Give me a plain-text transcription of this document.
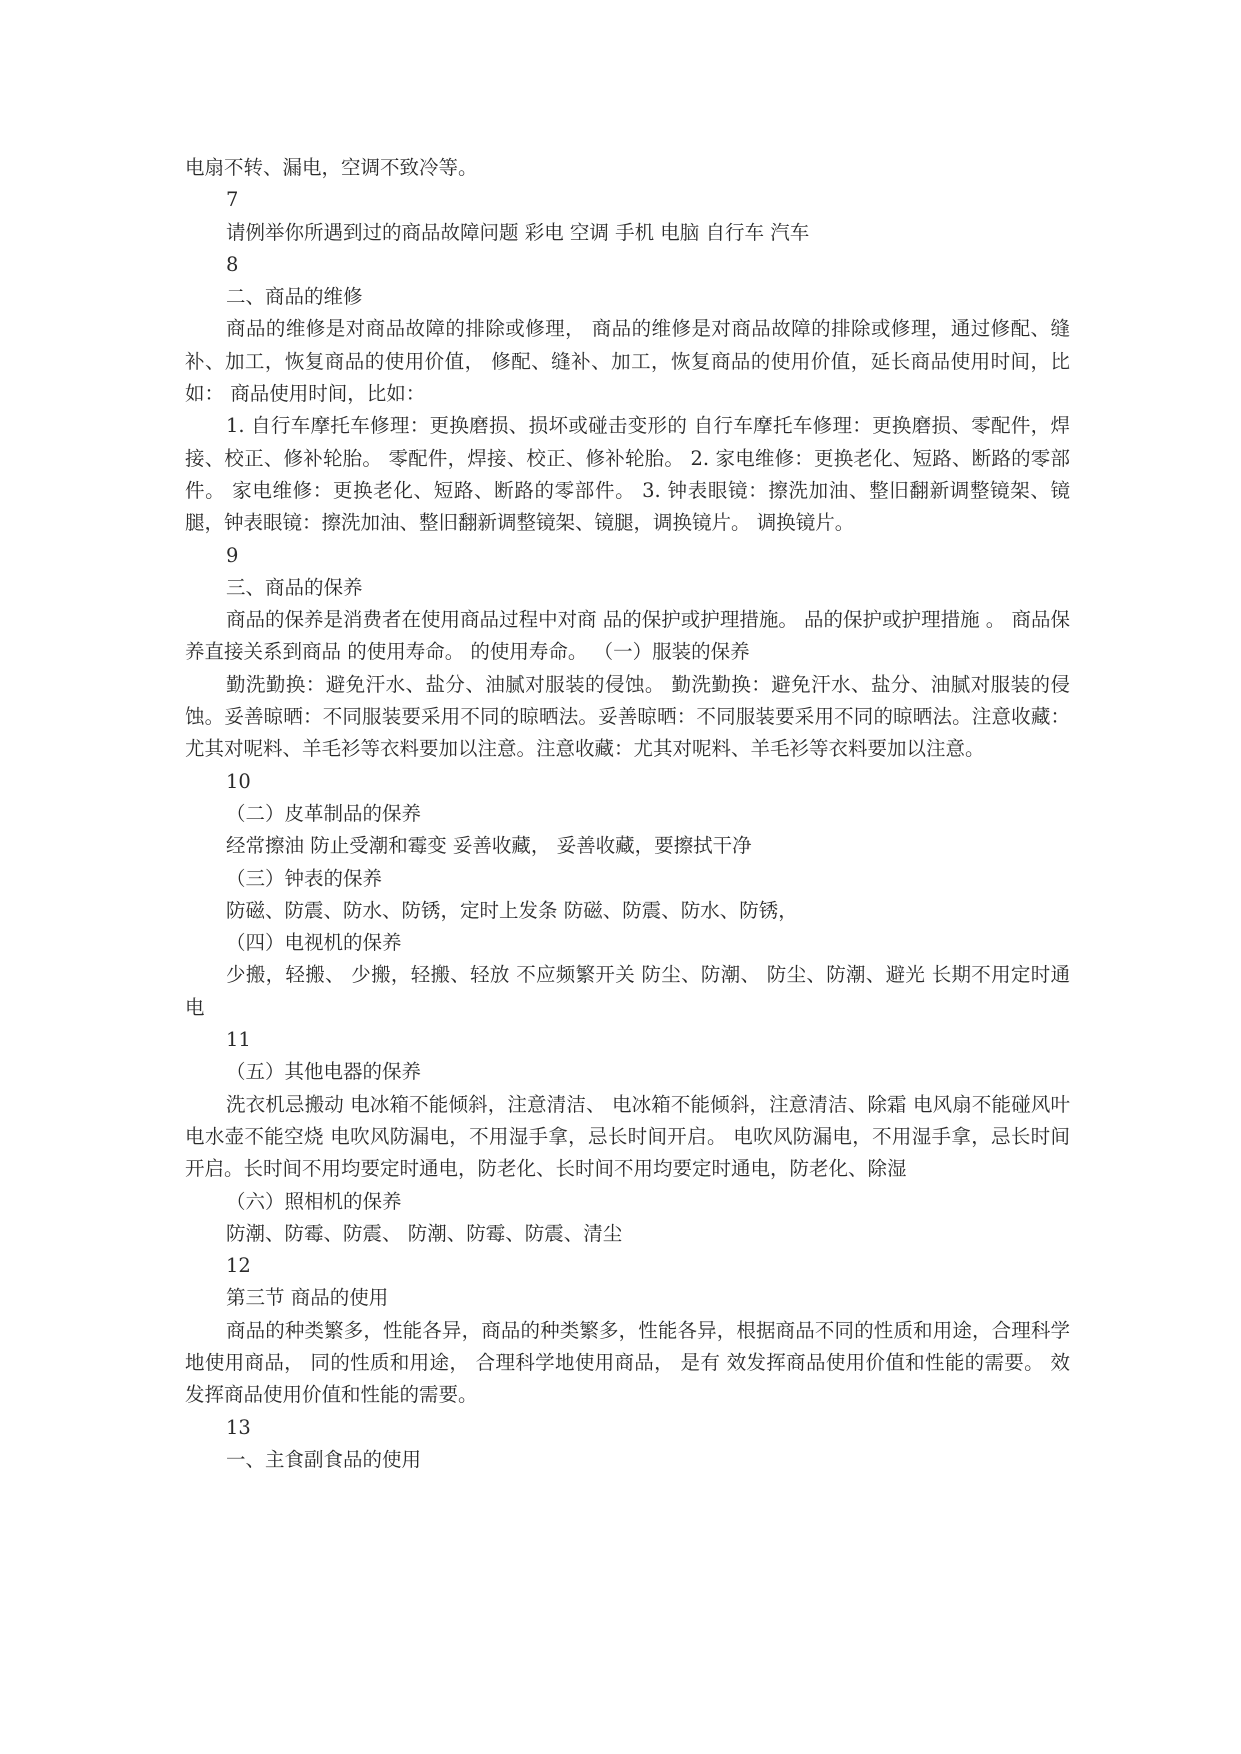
电扇不转、漏电，空调不致冷等。

7

请例举你所遇到过的商品故障问题 彩电 空调 手机 电脑 自行车 汽车

8

二、商品的维修

商品的维修是对商品故障的排除或修理， 商品的维修是对商品故障的排除或修理，通过修配、缝补、加工，恢复商品的使用价值， 修配、缝补、加工，恢复商品的使用价值，延长商品使用时间，比如： 商品使用时间，比如：

1. 自行车摩托车修理：更换磨损、损坏或碰击变形的 自行车摩托车修理：更换磨损、零配件，焊接、校正、修补轮胎。 零配件，焊接、校正、修补轮胎。 2. 家电维修：更换老化、短路、断路的零部件。 家电维修：更换老化、短路、断路的零部件。 3. 钟表眼镜：擦洗加油、整旧翻新调整镜架、镜腿，钟表眼镜：擦洗加油、整旧翻新调整镜架、镜腿，调换镜片。 调换镜片。

9

三、商品的保养

商品的保养是消费者在使用商品过程中对商 品的保护或护理措施。 品的保护或护理措施 。 商品保养直接关系到商品 的使用寿命。 的使用寿命。 （一）服装的保养

勤洗勤换：避免汗水、盐分、油腻对服装的侵蚀。 勤洗勤换：避免汗水、盐分、油腻对服装的侵蚀。妥善晾晒：不同服装要采用不同的晾晒法。妥善晾晒：不同服装要采用不同的晾晒法。注意收藏：尤其对呢料、羊毛衫等衣料要加以注意。注意收藏：尤其对呢料、羊毛衫等衣料要加以注意。

10

（二）皮革制品的保养

经常擦油 防止受潮和霉变 妥善收藏， 妥善收藏，要擦拭干净

（三）钟表的保养

防磁、防震、防水、防锈，定时上发条 防磁、防震、防水、防锈，

（四）电视机的保养

少搬，轻搬、 少搬，轻搬、轻放 不应频繁开关 防尘、防潮、 防尘、防潮、避光 长期不用定时通电

11

（五）其他电器的保养

洗衣机忌搬动 电冰箱不能倾斜，注意清洁、 电冰箱不能倾斜，注意清洁、除霜 电风扇不能碰风叶 电水壶不能空烧 电吹风防漏电，不用湿手拿，忌长时间开启。 电吹风防漏电，不用湿手拿，忌长时间开启。长时间不用均要定时通电，防老化、长时间不用均要定时通电，防老化、除湿

（六）照相机的保养

防潮、防霉、防震、 防潮、防霉、防震、清尘

12

第三节 商品的使用

商品的种类繁多，性能各异，商品的种类繁多，性能各异，根据商品不同的性质和用途，合理科学地使用商品， 同的性质和用途， 合理科学地使用商品， 是有 效发挥商品使用价值和性能的需要。 效发挥商品使用价值和性能的需要。

13

一、主食副食品的使用
